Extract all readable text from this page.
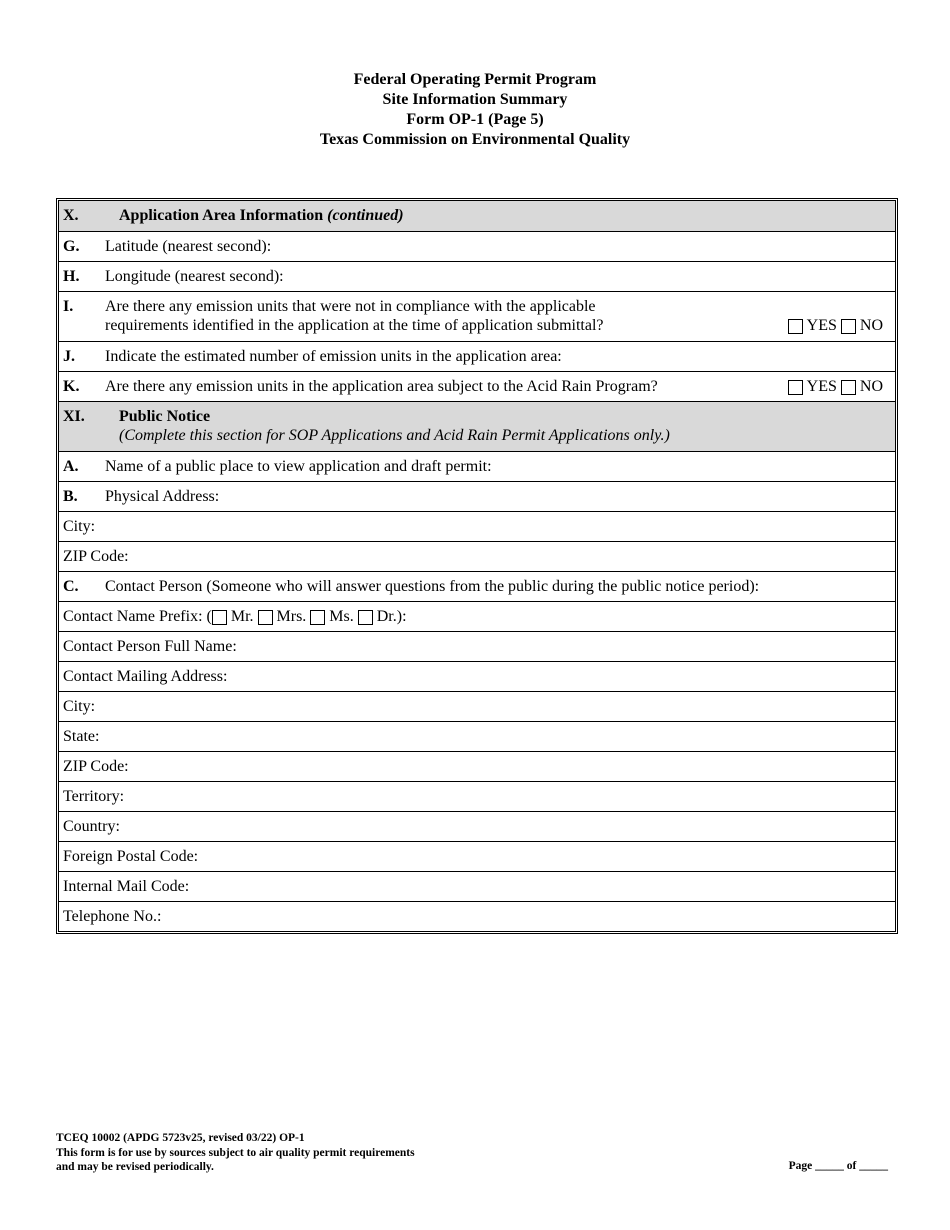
Federal Operating Permit Program
Site Information Summary
Form OP-1 (Page 5)
Texas Commission on Environmental Quality
X.	Application Area Information (continued)
G. Latitude (nearest second):
H. Longitude (nearest second):
I. Are there any emission units that were not in compliance with the applicable
requirements identified in the application at the time of application submittal?	YES NO
J. Indicate the estimated number of emission units in the application area:
K. Are there any emission units in the application area subject to the Acid Rain Program?	YES NO
XI. Public Notice
(Complete this section for SOP Applications and Acid Rain Permit Applications only.)
A. Name of a public place to view application and draft permit:
B. Physical Address:
City:
ZIP Code:
C. Contact Person (Someone who will answer questions from the public during the public notice period):
Contact Name Prefix: ( Mr. Mrs. Ms. Dr.):
Contact Person Full Name:
Contact Mailing Address:
City:
State:
ZIP Code:
Territory:
Country:
Foreign Postal Code:
Internal Mail Code:
Telephone No.:
TCEQ 10002 (APDG 5723v25, revised 03/22) OP-1
This form is for use by sources subject to air quality permit requirements
and may be revised periodically.	Page _____ of _____
